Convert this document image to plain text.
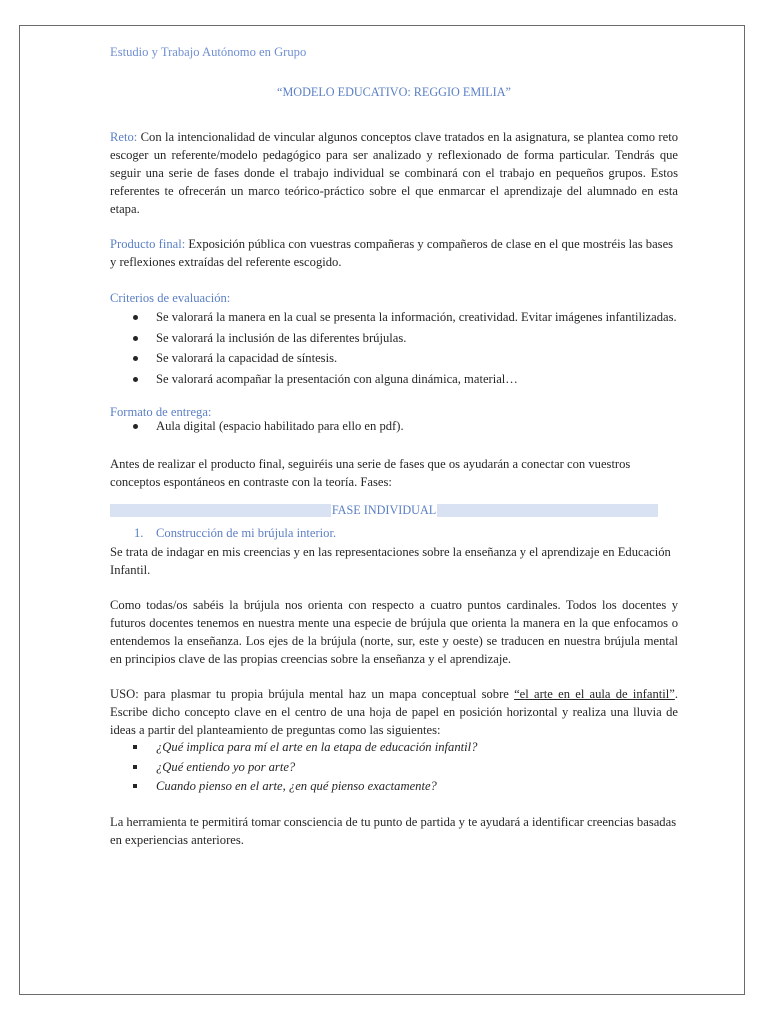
Estudio y Trabajo Autónomo en Grupo
“MODELO EDUCATIVO: REGGIO EMILIA”

Reto: Con la intencionalidad de vincular algunos conceptos clave tratados en la asignatura, se plantea como reto escoger un referente/modelo pedagógico para ser analizado y reflexionado de forma particular. Tendrás que seguir una serie de fases donde el trabajo individual se combinará con el trabajo en pequeños grupos. Estos referentes te ofrecerán un marco teórico-práctico sobre el que enmarcar el aprendizaje del alumnado en esta etapa.

Producto final: Exposición pública con vuestras compañeras y compañeros de clase en el que mostréis las bases y reflexiones extraídas del referente escogido.

Criterios de evaluación:

Se valorará la manera en la cual se presenta la información, creatividad. Evitar imágenes infantilizadas.
Se valorará la inclusión de las diferentes brújulas.
Se valorará la capacidad de síntesis.
Se valorará acompañar la presentación con alguna dinámica, material…

Formato de entrega:

Aula digital (espacio habilitado para ello en pdf).

Antes de realizar el producto final, seguiréis una serie de fases que os ayudarán a conectar con vuestros conceptos espontáneos en contraste con la teoría. Fases:

FASE INDIVIDUAL
1. Construcción de mi brújula interior.

Se trata de indagar en mis creencias y en las representaciones sobre la enseñanza y el aprendizaje en Educación Infantil.

Como todas/os sabéis la brújula nos orienta con respecto a cuatro puntos cardinales. Todos los docentes y futuros docentes tenemos en nuestra mente una especie de brújula que orienta la manera en la que enfocamos o entendemos la enseñanza. Los ejes de la brújula (norte, sur, este y oeste) se traducen en nuestra brújula mental en principios clave de las propias creencias sobre la enseñanza y el aprendizaje.

USO: para plasmar tu propia brújula mental haz un mapa conceptual sobre “el arte en el aula de infantil”. Escribe dicho concepto clave en el centro de una hoja de papel en posición horizontal y realiza una lluvia de ideas a partir del planteamiento de preguntas como las siguientes:

¿Qué implica para mí el arte en la etapa de educación infantil?
¿Qué entiendo yo por arte?
Cuando pienso en el arte, ¿en qué pienso exactamente?

La herramienta te permitirá tomar consciencia de tu punto de partida y te ayudará a identificar creencias basadas en experiencias anteriores.
